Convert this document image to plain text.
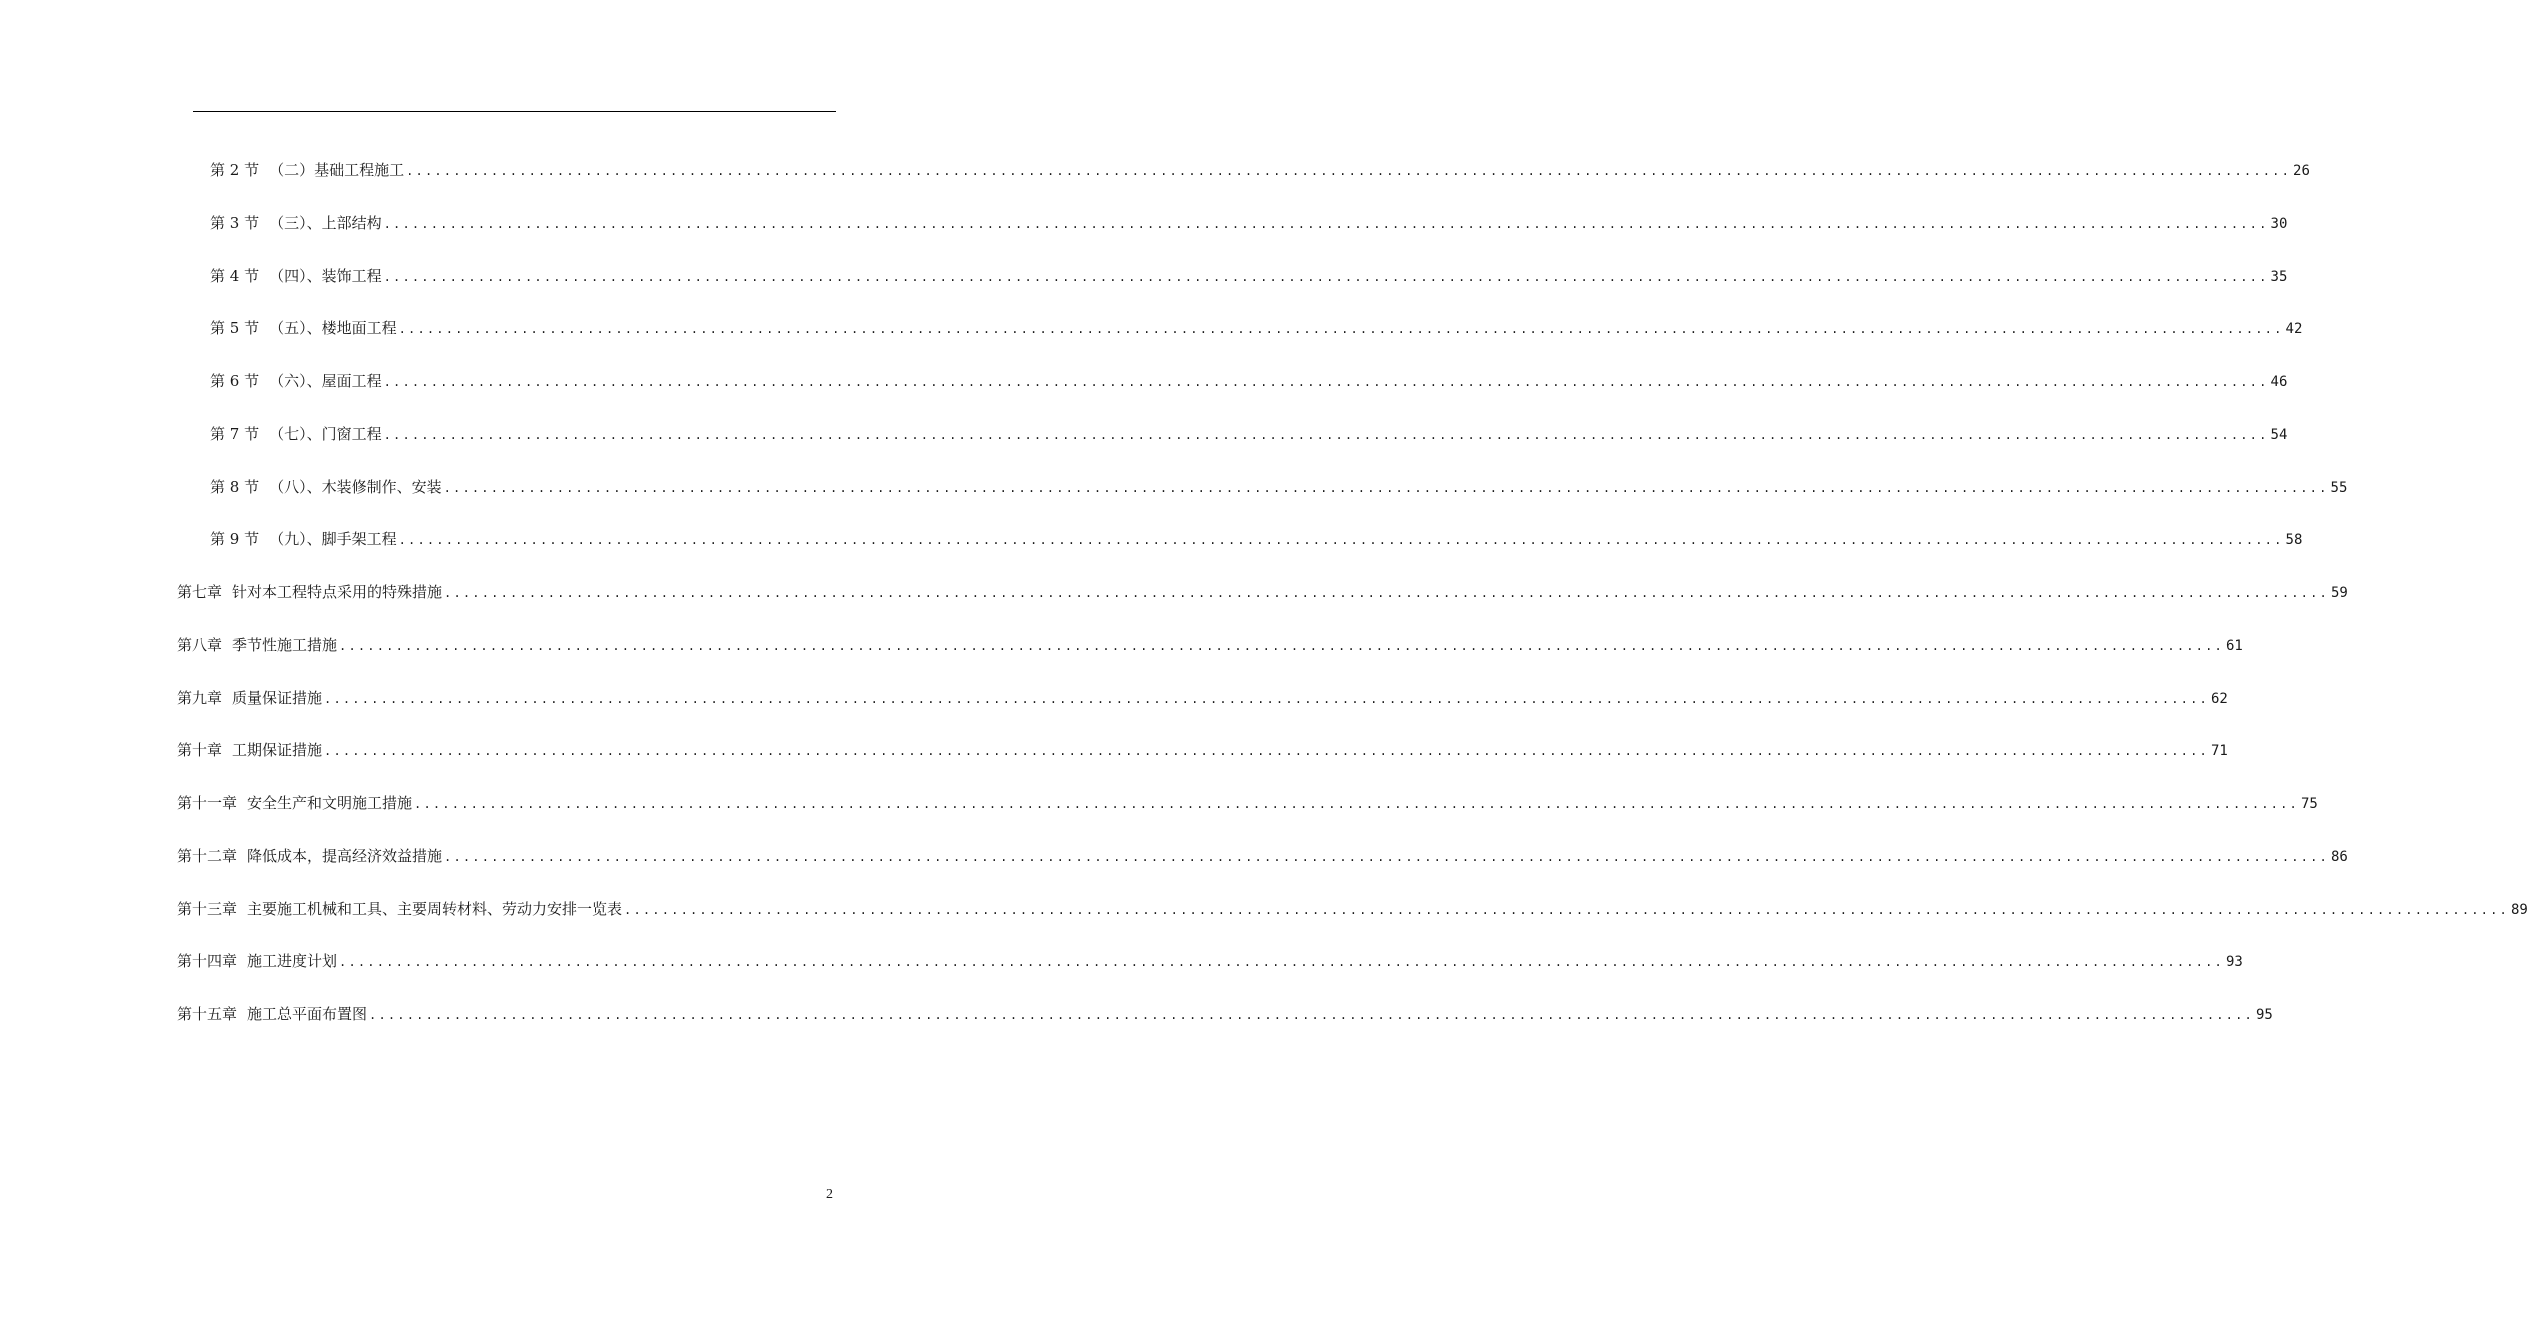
第 2 节 （二）基础工程施工 ........................................................................................................................................................................................................ 26
第 3 节 （三）、上部结构 ........................................................................................................................................................................................................ 30
第 4 节 （四）、装饰工程 ........................................................................................................................................................................................................ 35
第 5 节 （五）、楼地面工程 ........................................................................................................................................................................................................ 42
第 6 节 （六）、屋面工程 ........................................................................................................................................................................................................ 46
第 7 节 （七）、门窗工程 ........................................................................................................................................................................................................ 54
第 8 节 （八）、木装修制作、安装 ........................................................................................................................................................................................................ 55
第 9 节 （九）、脚手架工程 ........................................................................................................................................................................................................ 58
第七章 针对本工程特点采用的特殊措施 ........................................................................................................................................................................................................ 59
第八章 季节性施工措施 ........................................................................................................................................................................................................ 61
第九章 质量保证措施 ........................................................................................................................................................................................................ 62
第十章 工期保证措施 ........................................................................................................................................................................................................ 71
第十一章 安全生产和文明施工措施 ........................................................................................................................................................................................................ 75
第十二章 降低成本，提高经济效益措施 ........................................................................................................................................................................................................ 86
第十三章 主要施工机械和工具、主要周转材料、劳动力安排一览表 ........................................................................................................................................................................................................ 89
第十四章 施工进度计划 ........................................................................................................................................................................................................ 93
第十五章 施工总平面布置图 ........................................................................................................................................................................................................ 95
2
